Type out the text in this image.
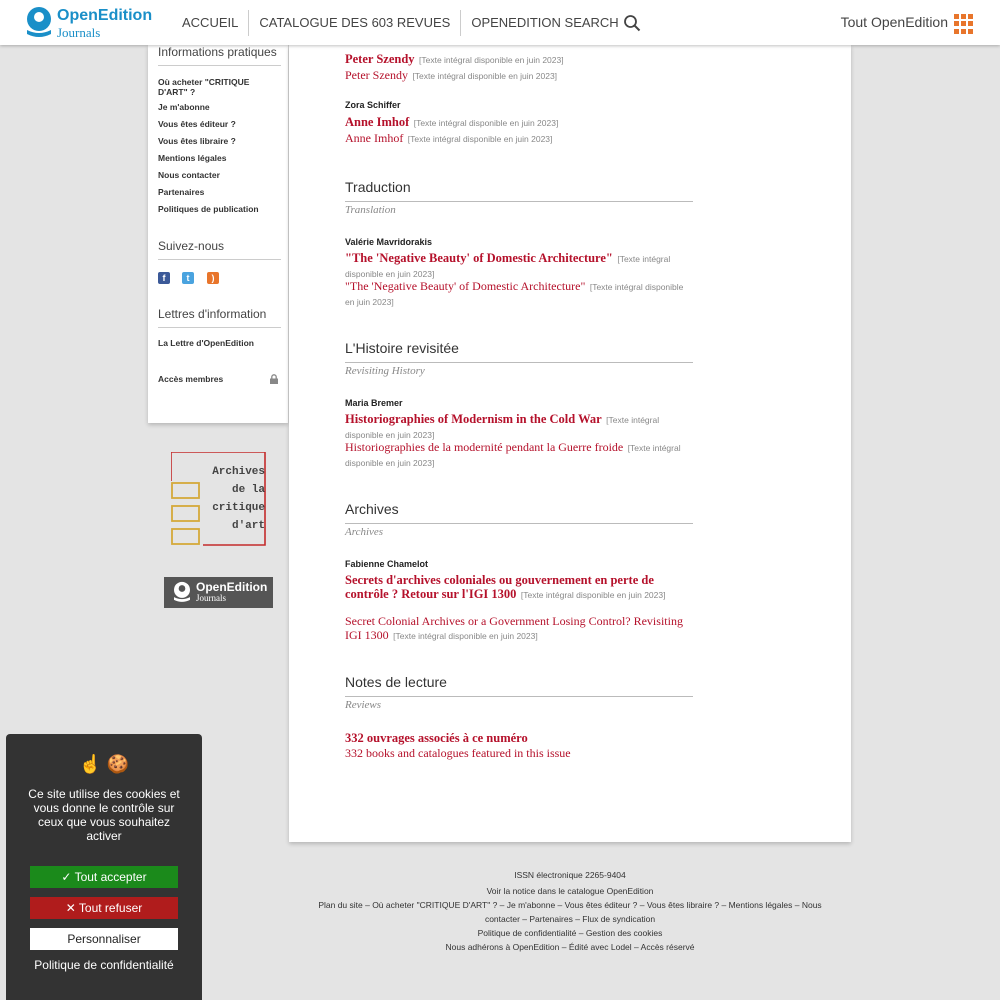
OpenEdition
Journals
ACCUEIL	CATALOGUE DES 603 REVUES	OPENEDITION SEARCH	Tout OpenEdition
Informations pratiques
Où acheter "CRITIQUE D'ART" ?
Je m'abonne
Vous êtes éditeur ?
Vous êtes libraire ?
Mentions légales
Nous contacter
Partenaires
Politiques de publication
Suivez-nous
f	t	)
Lettres d'information
La Lettre d'OpenEdition
Accès membres
Archives
de la
critique
d'art
OpenEdition
Journals
Peter Szendy [Texte intégral disponible en juin 2023]
Peter Szendy [Texte intégral disponible en juin 2023]
Zora Schiffer
Anne Imhof [Texte intégral disponible en juin 2023]
Anne Imhof [Texte intégral disponible en juin 2023]
Traduction
Translation
Valérie Mavridorakis
"The 'Negative Beauty' of Domestic Architecture" [Texte intégral disponible en juin 2023]
"The 'Negative Beauty' of Domestic Architecture" [Texte intégral disponible en juin 2023]
L'Histoire revisitée
Revisiting History
Maria Bremer
Historiographies of Modernism in the Cold War [Texte intégral disponible en juin 2023]
Historiographies de la modernité pendant la Guerre froide [Texte intégral disponible en juin 2023]
Archives
Archives
Fabienne Chamelot
Secrets d'archives coloniales ou gouvernement en perte de contrôle ? Retour sur l'IGI 1300 [Texte intégral disponible en juin 2023]
Secret Colonial Archives or a Government Losing Control? Revisiting IGI 1300 [Texte intégral disponible en juin 2023]
Notes de lecture
Reviews
332 ouvrages associés à ce numéro
332 books and catalogues featured in this issue
ISSN électronique 2265-9404
Voir la notice dans le catalogue OpenEdition
Plan du site – Où acheter "CRITIQUE D'ART" ? – Je m'abonne – Vous êtes éditeur ? – Vous êtes libraire ? – Mentions légales – Nous contacter – Partenaires – Flux de syndication
Politique de confidentialité – Gestion des cookies
Nous adhérons à OpenEdition – Édité avec Lodel – Accès réservé
☝ 🍪
Ce site utilise des cookies et vous donne le contrôle sur ceux que vous souhaitez activer
✓ Tout accepter
✕ Tout refuser
Personnaliser
Politique de confidentialité
